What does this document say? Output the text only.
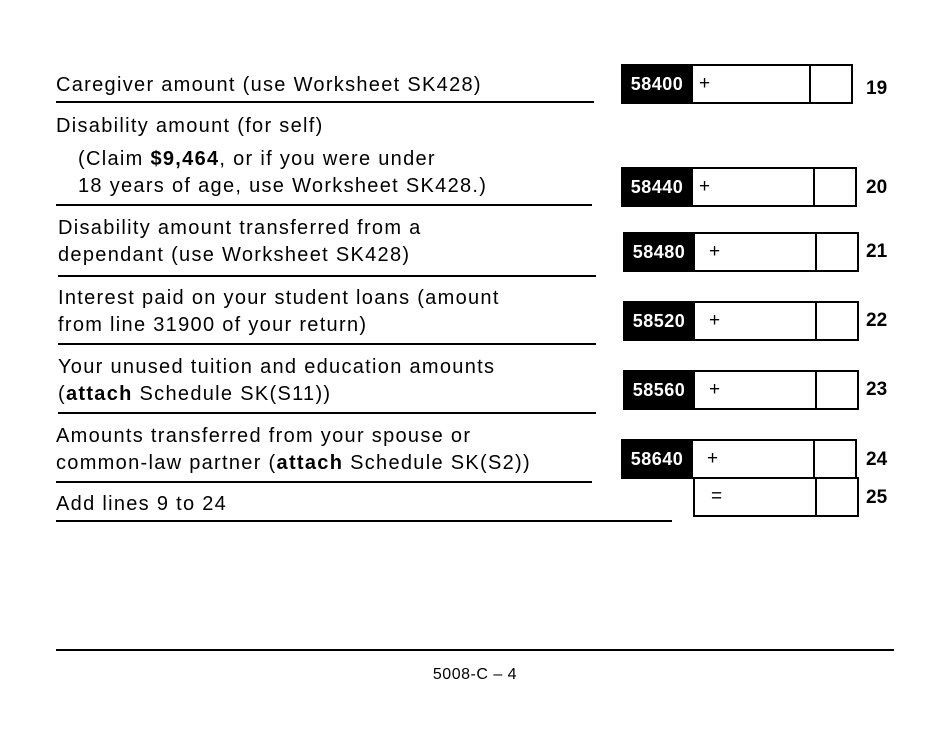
Caregiver amount (use Worksheet SK428)	58400 +	19
Disability amount (for self)
(Claim $9,464, or if you were under
18 years of age, use Worksheet SK428.)	58440 +	20
Disability amount transferred from a
dependant (use Worksheet SK428)	58480	+	21
Interest paid on your student loans (amount
from line 31900 of your return)	58520	+	22
Your unused tuition and education amounts
(attach Schedule SK(S11))	58560	+	23
Amounts transferred from your spouse or
common-law partner (attach Schedule SK(S2))	58640	+	24
Add lines 9 to 24	=	25
5008-C – 4
